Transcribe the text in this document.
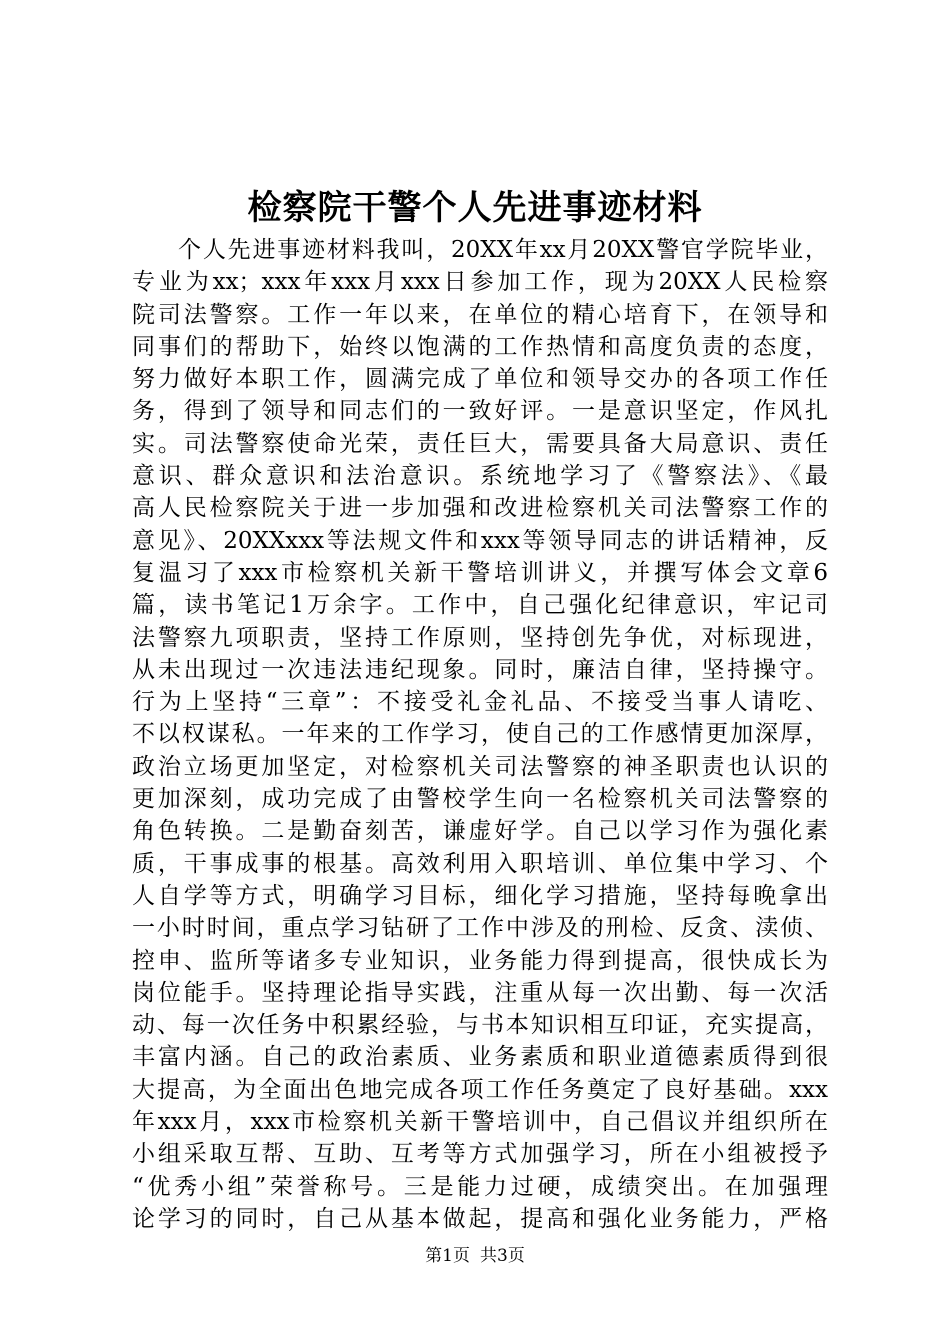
检察院干警个人先进事迹材料
个人先进事迹材料我叫，20XX年xx月20XX警官学院毕业，
专业为xx；xxx年xxx月xxx日参加工作，现为20XX人民检察
院司法警察。工作一年以来，在单位的精心培育下，在领导和
同事们的帮助下，始终以饱满的工作热情和高度负责的态度，
努力做好本职工作，圆满完成了单位和领导交办的各项工作任
务，得到了领导和同志们的一致好评。一是意识坚定，作风扎
实。司法警察使命光荣，责任巨大，需要具备大局意识、责任
意识、群众意识和法治意识。系统地学习了《警察法》、《最
高人民检察院关于进一步加强和改进检察机关司法警察工作的
意见》、20XXxxx等法规文件和xxx等领导同志的讲话精神，反
复温习了xxx市检察机关新干警培训讲义，并撰写体会文章6
篇，读书笔记1万余字。工作中，自己强化纪律意识，牢记司
法警察九项职责，坚持工作原则，坚持创先争优，对标现进，
从未出现过一次违法违纪现象。同时，廉洁自律，坚持操守。
行为上坚持“三章”：不接受礼金礼品、不接受当事人请吃、
不以权谋私。一年来的工作学习，使自己的工作感情更加深厚，
政治立场更加坚定，对检察机关司法警察的神圣职责也认识的
更加深刻，成功完成了由警校学生向一名检察机关司法警察的
角色转换。二是勤奋刻苦，谦虚好学。自己以学习作为强化素
质，干事成事的根基。高效利用入职培训、单位集中学习、个
人自学等方式，明确学习目标，细化学习措施，坚持每晚拿出
一小时时间，重点学习钻研了工作中涉及的刑检、反贪、渎侦、
控申、监所等诸多专业知识，业务能力得到提高，很快成长为
岗位能手。坚持理论指导实践，注重从每一次出勤、每一次活
动、每一次任务中积累经验，与书本知识相互印证，充实提高，
丰富内涵。自己的政治素质、业务素质和职业道德素质得到很
大提高，为全面出色地完成各项工作任务奠定了良好基础。xxx
年xxx月，xxx市检察机关新干警培训中，自己倡议并组织所在
小组采取互帮、互助、互考等方式加强学习，所在小组被授予
“优秀小组”荣誉称号。三是能力过硬，成绩突出。在加强理
论学习的同时，自己从基本做起，提高和强化业务能力，严格
第1页 共3页
